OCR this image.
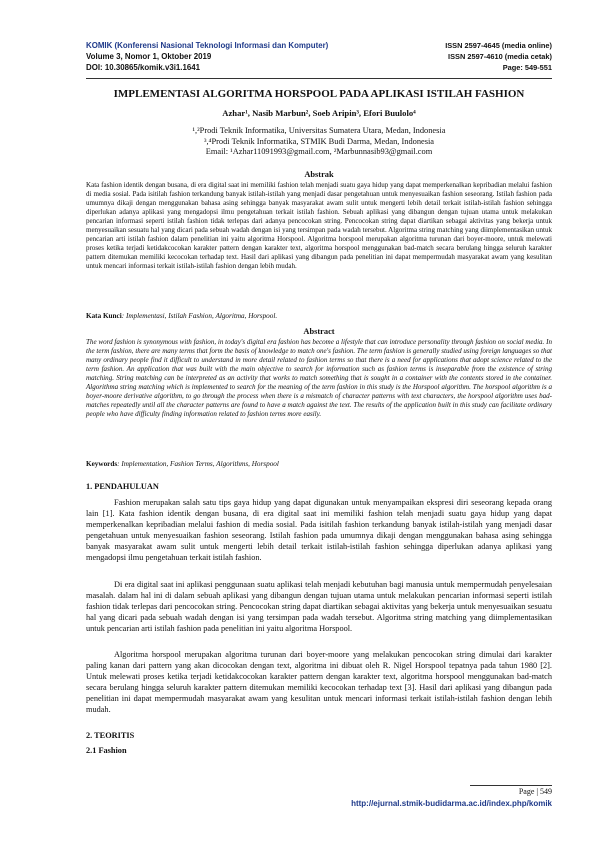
KOMIK (Konferensi Nasional Teknologi Informasi dan Komputer)
Volume 3, Nomor 1, Oktober 2019
DOI: 10.30865/komik.v3i1.1641
ISSN 2597-4645 (media online)
ISSN 2597-4610 (media cetak)
Page: 549-551
IMPLEMENTASI ALGORITMA HORSPOOL PADA APLIKASI ISTILAH FASHION
Azhar¹, Nasib Marbun², Soeb Aripin³, Efori Buulolo⁴
¹,²Prodi Teknik Informatika, Universitas Sumatera Utara, Medan, Indonesia
³,⁴Prodi Teknik Informatika, STMIK Budi Darma, Medan, Indonesia
Email: ¹Azhar11091993@gmail.com, ²Marbunnasib93@gmail.com
Abstrak
Kata fashion identik dengan busana, di era digital saat ini memiliki fashion telah menjadi suatu gaya hidup yang dapat memperkenalkan kepribadian melalui fashion di media sosial. Pada isitilah fashion terkandung banyak istilah-istilah yang menjadi dasar pengetahuan untuk menyesuaikan fashion seseorang. Istilah fashion pada umumnya dikaji dengan menggunakan bahasa asing sehingga banyak masyarakat awam sulit untuk mengerti lebih detail terkait istilah-istilah fashion sehingga diperlukan adanya aplikasi yang mengadopsi ilmu pengetahuan terkait istilah fashion. Sebuah aplikasi yang dibangun dengan tujuan utama untuk melakukan pencarian informasi seperti istilah fashion tidak terlepas dari adanya pencocokan string. Pencocokan string dapat diartikan sebagai aktivitas yang bekerja untuk menyesuaikan sesuatu hal yang dicari pada sebuah wadah dengan isi yang tersimpan pada wadah tersebut. Algoritma string matching yang diimplementasikan untuk pencarian arti istilah fashion dalam penelitian ini yaitu algoritma Horspool. Algoritma horspool merupakan algoritma turunan dari boyer-moore, untuk melewati proses ketika terjadi ketidakcocokan karakter pattern dengan karakter text, algoritma horspool menggunakan bad-match secara berulang hingga seluruh karakter pattern ditemukan memiliki kecocokan terhadap text. Hasil dari aplikasi yang dibangun pada penelitian ini dapat mempermudah masyarakat awam yang kesulitan untuk mencari informasi terkait istilah-istilah fashion dengan lebih mudah.
Kata Kunci: Implementasi, Istilah Fashion, Algoritma, Horspool.
Abstract
The word fashion is synonymous with fashion, in today's digital era fashion has become a lifestyle that can introduce personality through fashion on social media. In the term fashion, there are many terms that form the basis of knowledge to match one's fashion. The term fashion is generally studied using foreign languages so that many ordinary people find it difficult to understand in more detail related to fashion terms so that there is a need for applications that adopt science related to the term fashion. An application that was built with the main objective to search for information such as fashion terms is inseparable from the existence of string matching. String matching can be interpreted as an activity that works to match something that is sought in a container with the contents stored in the container. Algorithma string matching which is implemented to search for the meaning of the term fashion in this study is the Horspool algorithm. The horspool algorithm is a boyer-moore derivative algorithm, to go through the process when there is a mismatch of character patterns with text characters, the horspool algorithm uses bad-matches repeatedly until all the character patterns are found to have a match against the text. The results of the application built in this study can facilitate ordinary people who have difficulty finding information related to fashion terms more easily.
Keywords: Implementation, Fashion Terms, Algorithms, Horspool
1. PENDAHULUAN
Fashion merupakan salah satu tips gaya hidup yang dapat digunakan untuk menyampaikan ekspresi diri seseorang kepada orang lain [1]. Kata fashion identik dengan busana, di era digital saat ini memiliki fashion telah menjadi suatu gaya hidup yang dapat memperkenalkan kepribadian melalui fashion di media sosial. Pada isitilah fashion terkandung banyak istilah-istilah yang menjadi dasar pengetahuan untuk menyesuaikan fashion seseorang. Istilah fashion pada umumnya dikaji dengan menggunakan bahasa asing sehingga banyak masyarakat awam sulit untuk mengerti lebih detail terkait istilah-istilah fashion sehingga diperlukan adanya aplikasi yang mengadopsi ilmu pengetahuan terkait istilah fashion.
Di era digital saat ini aplikasi penggunaan suatu aplikasi telah menjadi kebutuhan bagi manusia untuk mempermudah penyelesaian masalah. dalam hal ini di dalam sebuah aplikasi yang dibangun dengan tujuan utama untuk melakukan pencarian informasi seperti istilah fashion tidak terlepas dari pencocokan string. Pencocokan string dapat diartikan sebagai aktivitas yang bekerja untuk menyesuaikan sesuatu hal yang dicari pada sebuah wadah dengan isi yang tersimpan pada wadah tersebut. Algoritma string matching yang diimplementasikan untuk pencarian arti istilah fashion pada penelitian ini yaitu algoritma Horspool.
Algoritma horspool merupakan algoritma turunan dari boyer-moore yang melakukan pencocokan string dimulai dari karakter paling kanan dari pattern yang akan dicocokan dengan text, algoritma ini dibuat oleh R. Nigel Horspool tepatnya pada tahun 1980 [2]. Untuk melewati proses ketika terjadi ketidakcocokan karakter pattern dengan karakter text, algoritma horspool menggunakan bad-match secara berulang hingga seluruh karakter pattern ditemukan memiliki kecocokan terhadap text [3]. Hasil dari aplikasi yang dibangun pada penelitian ini dapat mempermudah masyarakat awam yang kesulitan untuk mencari informasi terkait istilah-istilah fashion dengan lebih mudah.
2. TEORITIS
2.1 Fashion
Page | 549
http://ejurnal.stmik-budidarma.ac.id/index.php/komik
